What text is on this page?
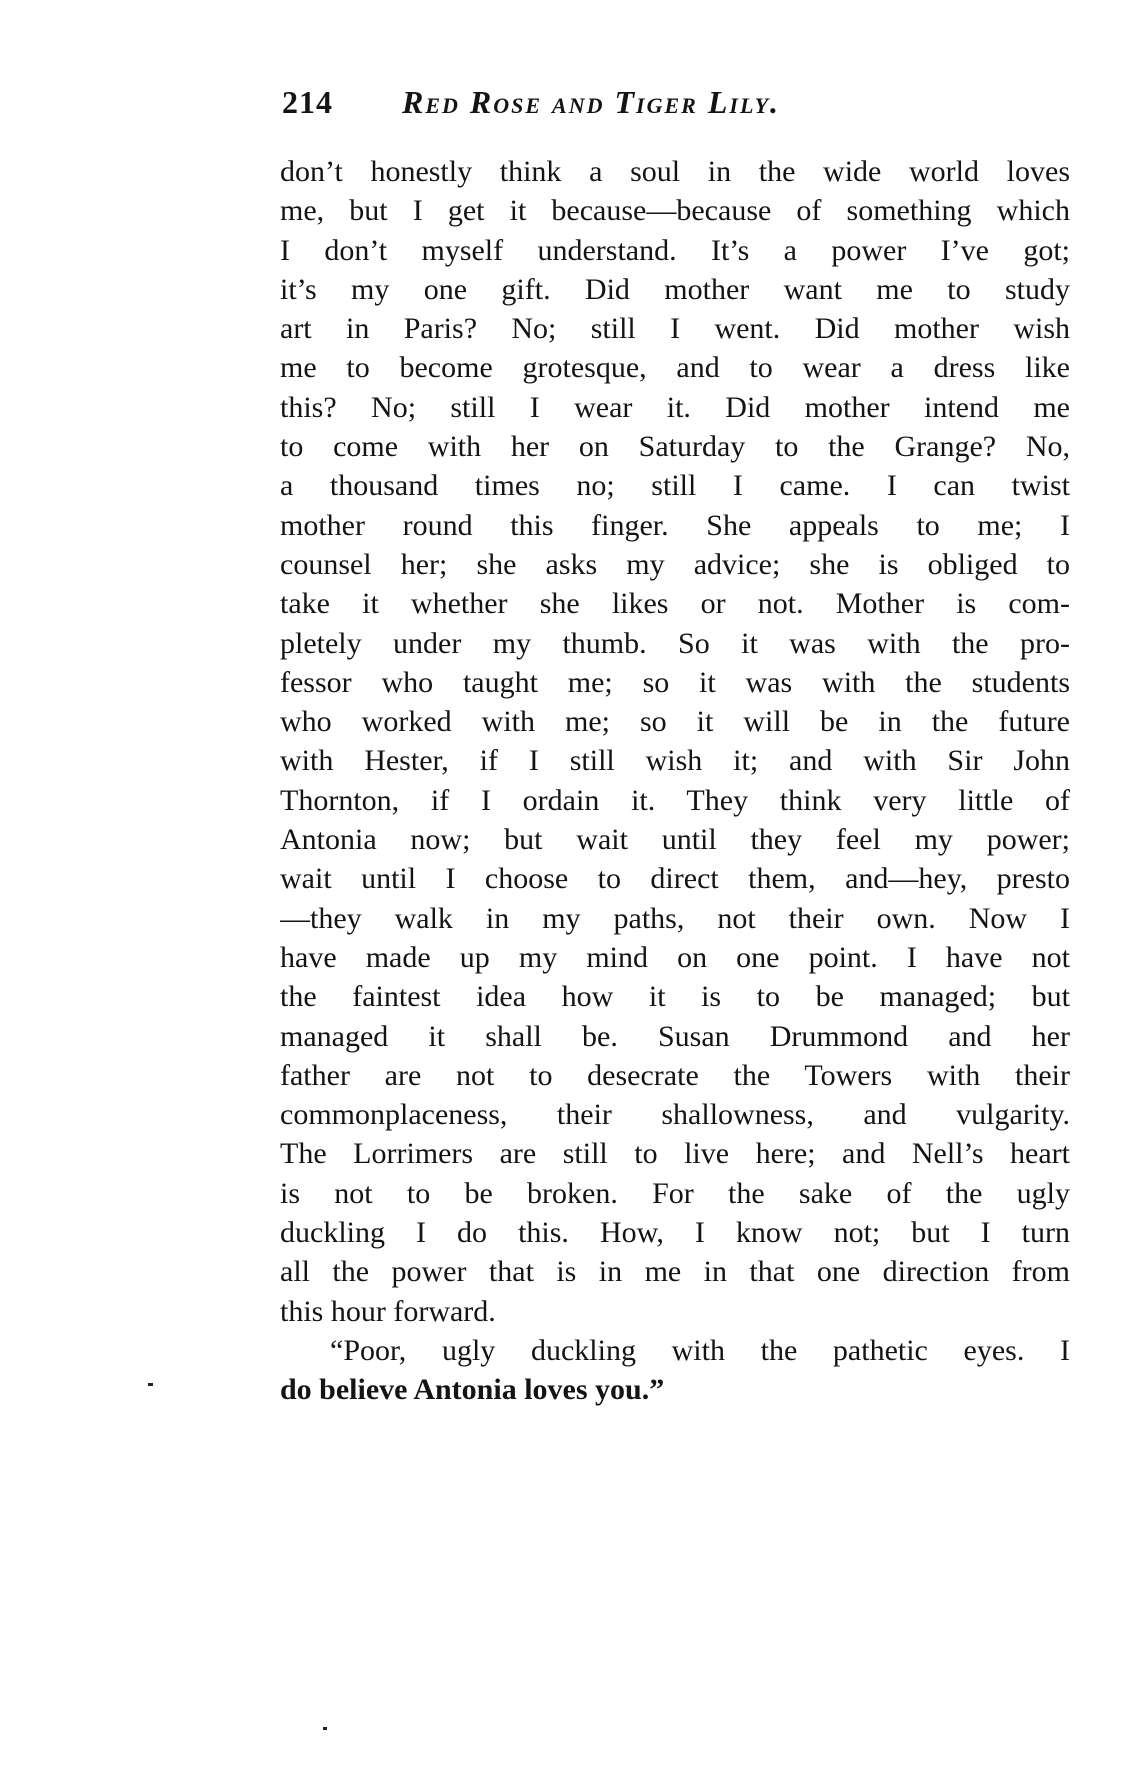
214 Red Rose and Tiger Lily.
don’t honestly think a soul in the wide world loves
me, but I get it because—because of something which
I don’t myself understand. It’s a power I’ve got;
it’s my one gift. Did mother want me to study
art in Paris? No; still I went. Did mother wish
me to become grotesque, and to wear a dress like
this? No; still I wear it. Did mother intend me
to come with her on Saturday to the Grange? No,
a thousand times no; still I came. I can twist
mother round this finger. She appeals to me; I
counsel her; she asks my advice; she is obliged to
take it whether she likes or not. Mother is com-
pletely under my thumb. So it was with the pro-
fessor who taught me; so it was with the students
who worked with me; so it will be in the future
with Hester, if I still wish it; and with Sir John
Thornton, if I ordain it. They think very little of
Antonia now; but wait until they feel my power;
wait until I choose to direct them, and—hey, presto
—they walk in my paths, not their own. Now I
have made up my mind on one point. I have not
the faintest idea how it is to be managed; but
managed it shall be. Susan Drummond and her
father are not to desecrate the Towers with their
commonplaceness, their shallowness, and vulgarity.
The Lorrimers are still to live here; and Nell’s heart
is not to be broken. For the sake of the ugly
duckling I do this. How, I know not; but I turn
all the power that is in me in that one direction from
this hour forward.
“Poor, ugly duckling with the pathetic eyes. I
do believe Antonia loves you.”
